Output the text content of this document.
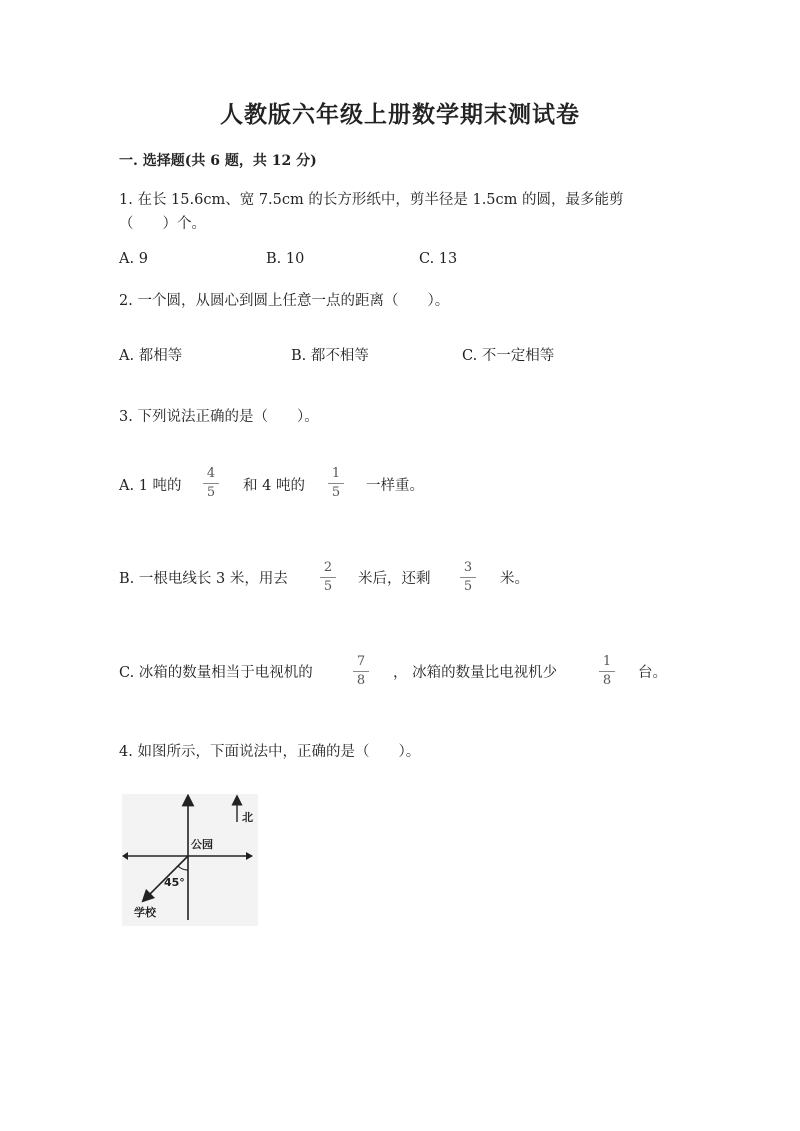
人教版六年级上册数学期末测试卷
一. 选择题(共 6 题，共 12 分)
1. 在长 15.6cm、宽 7.5cm 的长方形纸中，剪半径是 1.5cm 的圆，最多能剪
（　　）个。
A. 9	B. 10	C. 13
2. 一个圆，从圆心到圆上任意一点的距离（　　）。
A. 都相等	B. 都不相等	C. 不一定相等
3. 下列说法正确的是（　　）。
A. 1 吨的
4
5	和 4 吨的
1
5	一样重。
B. 一根电线长 3 米，用去
2
5	米后，还剩
3
5	米。
C. 冰箱的数量相当于电视机的
7
8	， 冰箱的数量比电视机少
1
8	台。
4. 如图所示，下面说法中，正确的是（　　）。
北
公园
45°
学校
